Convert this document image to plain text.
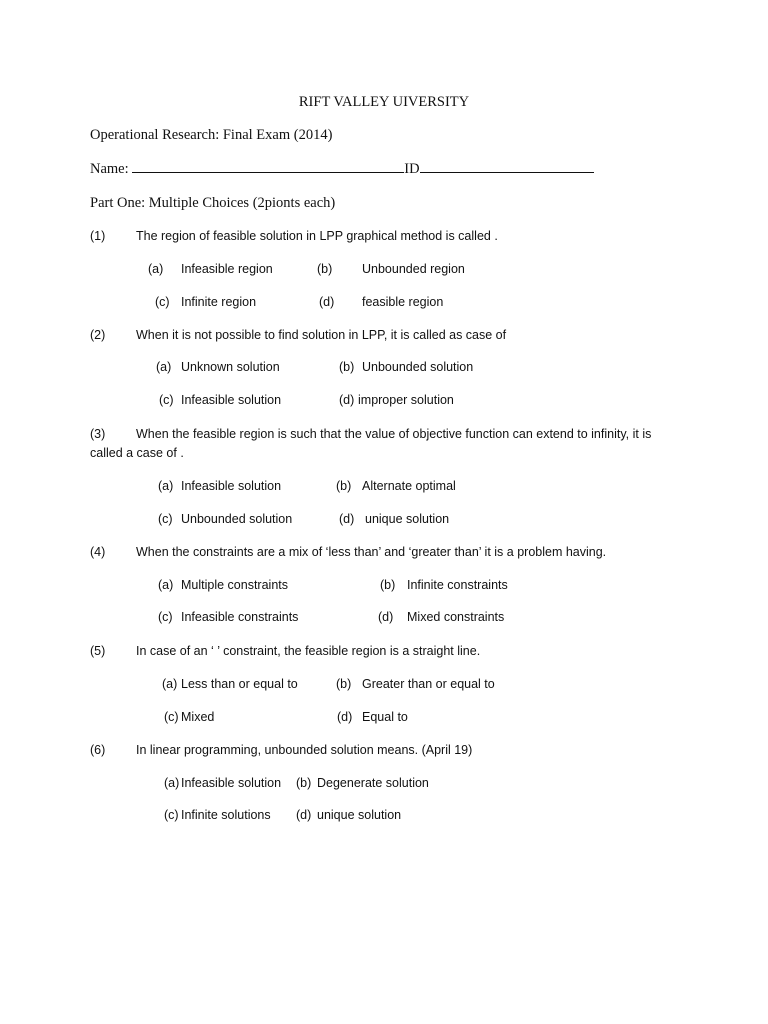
RIFT VALLEY UIVERSITY
Operational Research: Final Exam (2014)
Name:	ID
Part One: Multiple Choices (2pionts each)
(1) The region of feasible solution in LPP graphical method is called .
(a) Infeasible region	(b) Unbounded region
(c) Infinite region	(d) feasible region
(2) When it is not possible to find solution in LPP, it is called as case of
(a) Unknown solution	(b) Unbounded solution
(c) Infeasible solution	(d) improper solution
(3) When the feasible region is such that the value of objective function can extend to infinity, it is
called a case of .
(a) Infeasible solution	(b) Alternate optimal
(c) Unbounded solution	(d) unique solution
(4) When the constraints are a mix of ‘less than’ and ‘greater than’ it is a problem having.
(a) Multiple constraints	(b) Infinite constraints
(c) Infeasible constraints	(d) Mixed constraints
(5) In case of an ‘ ’ constraint, the feasible region is a straight line.
(a) Less than or equal to	(b) Greater than or equal to
(c) Mixed	(d) Equal to
(6) In linear programming, unbounded solution means. (April 19)
(a) Infeasible solution (b) Degenerate solution
(c) Infinite solutions (d) unique solution
